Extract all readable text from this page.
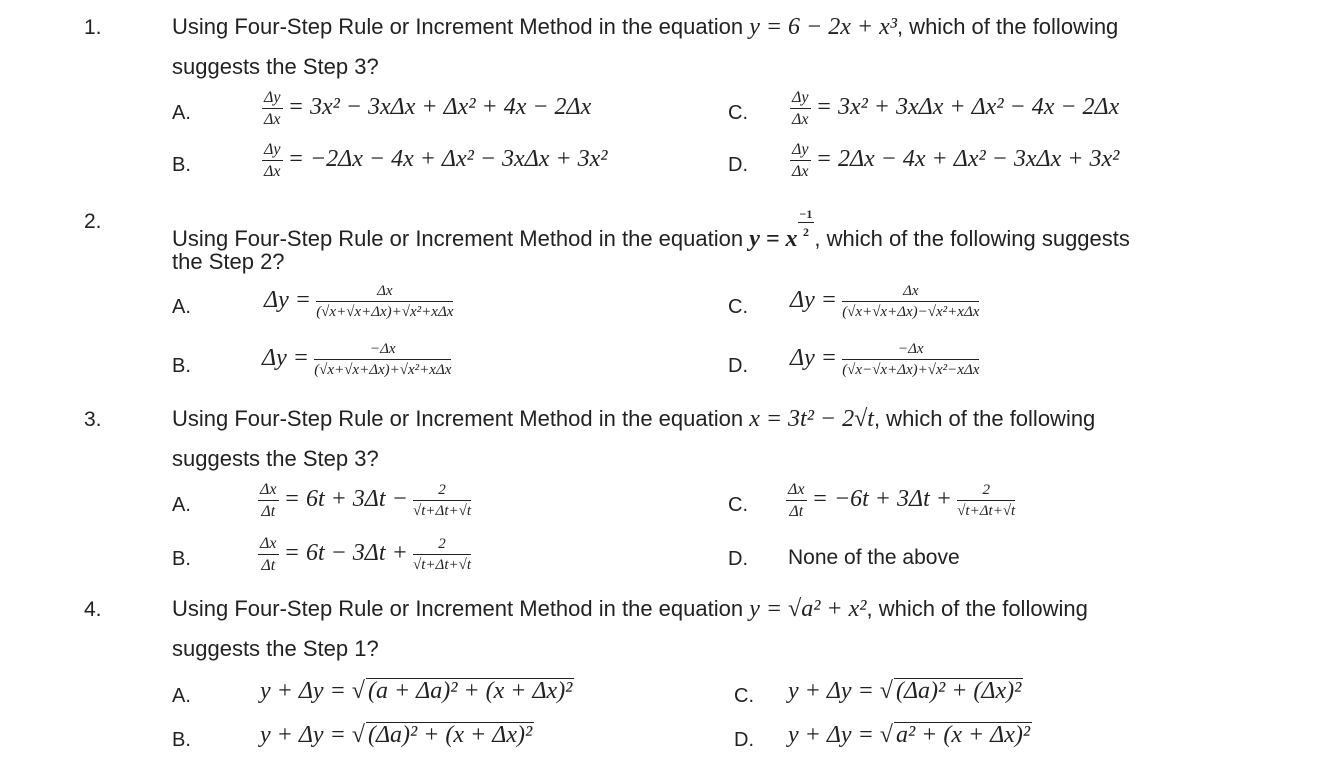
1.	Using Four-Step Rule or Increment Method in the equation y = 6 − 2x + x³, which of the following
suggests the Step 3?
A.	$\frac{\Delta y}{\Delta x} = 3x^2 - 3x\Delta x + \Delta x^2 + 4x - 2\Delta x$
B.	$\frac{\Delta y}{\Delta x} = -2\Delta x - 4x + \Delta x^2 - 3x\Delta x + 3x^2$
C.	$\frac{\Delta y}{\Delta x} = 3x^2 + 3x\Delta x + \Delta x^2 - 4x - 2\Delta x$
D.	$\frac{\Delta y}{\Delta x} = 2\Delta x - 4x + \Delta x^2 - 3x\Delta x + 3x^2$
2.
Using Four-Step Rule or Increment Method in the equation y = x
$\frac{-1}{2}$
, which of the following suggests
the Step 2?
A.	$\Delta y = \frac{\Delta x}{\text{(√x+√x+Δx)+√x²+xΔx}}$
B.	$\Delta y = \frac{-\Delta x}{\text{(√x+√x+Δx)+√x²+xΔx}}$
C. $\Delta y = \frac{\Delta x}{\text{(√x+√x+Δx)−√x²+xΔx}}$
D. $\Delta y = \frac{-\Delta x}{\text{(√x−√x+Δx)+√x²−xΔx}}$
3.	Using Four-Step Rule or Increment Method in the equation x = 3t² − 2√t, which of the following
suggests the Step 3?
A.	$\frac{\Delta x}{\Delta t} = 6t + 3\Delta t - \frac{2}{√t+\Delta t+√t}$
B.	$\frac{\Delta x}{\Delta t} = 6t - 3\Delta t + \frac{2}{√t+\Delta t+√t}$
C. $\frac{\Delta x}{\Delta t} = -6t + 3\Delta t + \frac{2}{√t+\Delta t+√t}$
D. None of the above
4.	Using Four-Step Rule or Increment Method in the equation y = √a² + x², which of the following
suggests the Step 1?
A.	y + Δy = √ (a + Δa)² + (x + Δx)²
B.	y + Δy = √ (Δa)² + (x + Δx)²
C. y + Δy = √ (Δa)² + (Δx)²
D. y + Δy = √ a² + (x + Δx)²
